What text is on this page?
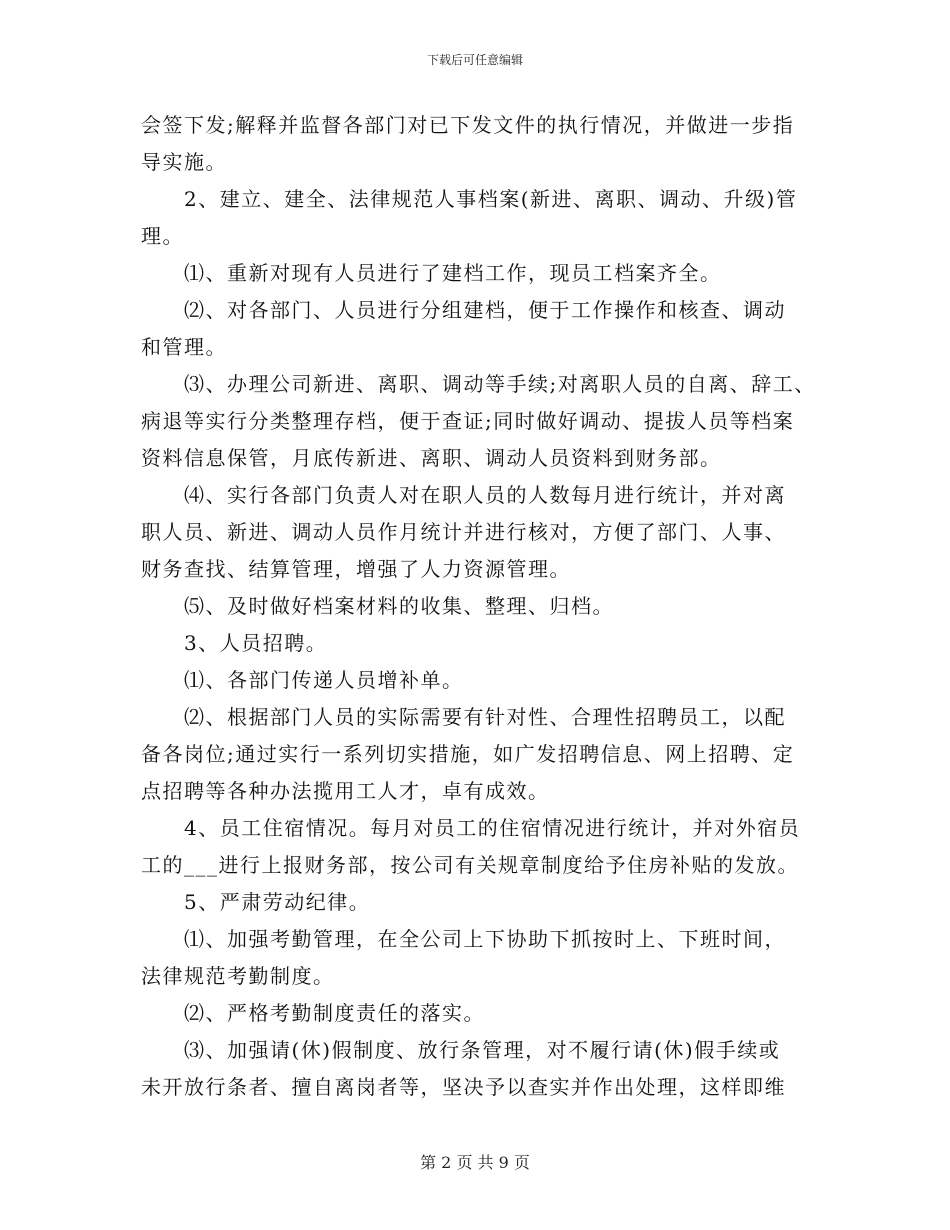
下载后可任意编辑
会签下发;解释并监督各部门对已下发文件的执行情况，并做进一步指
导实施。
　　2、建立、建全、法律规范人事档案(新进、离职、调动、升级)管
理。
　　⑴、重新对现有人员进行了建档工作，现员工档案齐全。
　　⑵、对各部门、人员进行分组建档，便于工作操作和核查、调动
和管理。
　　⑶、办理公司新进、离职、调动等手续;对离职人员的自离、辞工、
病退等实行分类整理存档，便于查证;同时做好调动、提拔人员等档案
资料信息保管，月底传新进、离职、调动人员资料到财务部。
　　⑷、实行各部门负责人对在职人员的人数每月进行统计，并对离
职人员、新进、调动人员作月统计并进行核对，方便了部门、人事、
财务查找、结算管理，增强了人力资源管理。
　　⑸、及时做好档案材料的收集、整理、归档。
　　3、人员招聘。
　　⑴、各部门传递人员增补单。
　　⑵、根据部门人员的实际需要有针对性、合理性招聘员工，以配
备各岗位;通过实行一系列切实措施，如广发招聘信息、网上招聘、定
点招聘等各种办法揽用工人才，卓有成效。
　　4、员工住宿情况。每月对员工的住宿情况进行统计，并对外宿员
工的___进行上报财务部，按公司有关规章制度给予住房补贴的发放。
　　5、严肃劳动纪律。
　　⑴、加强考勤管理，在全公司上下协助下抓按时上、下班时间，
法律规范考勤制度。
　　⑵、严格考勤制度责任的落实。
　　⑶、加强请(休)假制度、放行条管理，对不履行请(休)假手续或
未开放行条者、擅自离岗者等，坚决予以查实并作出处理，这样即维
第 2 页 共 9 页
